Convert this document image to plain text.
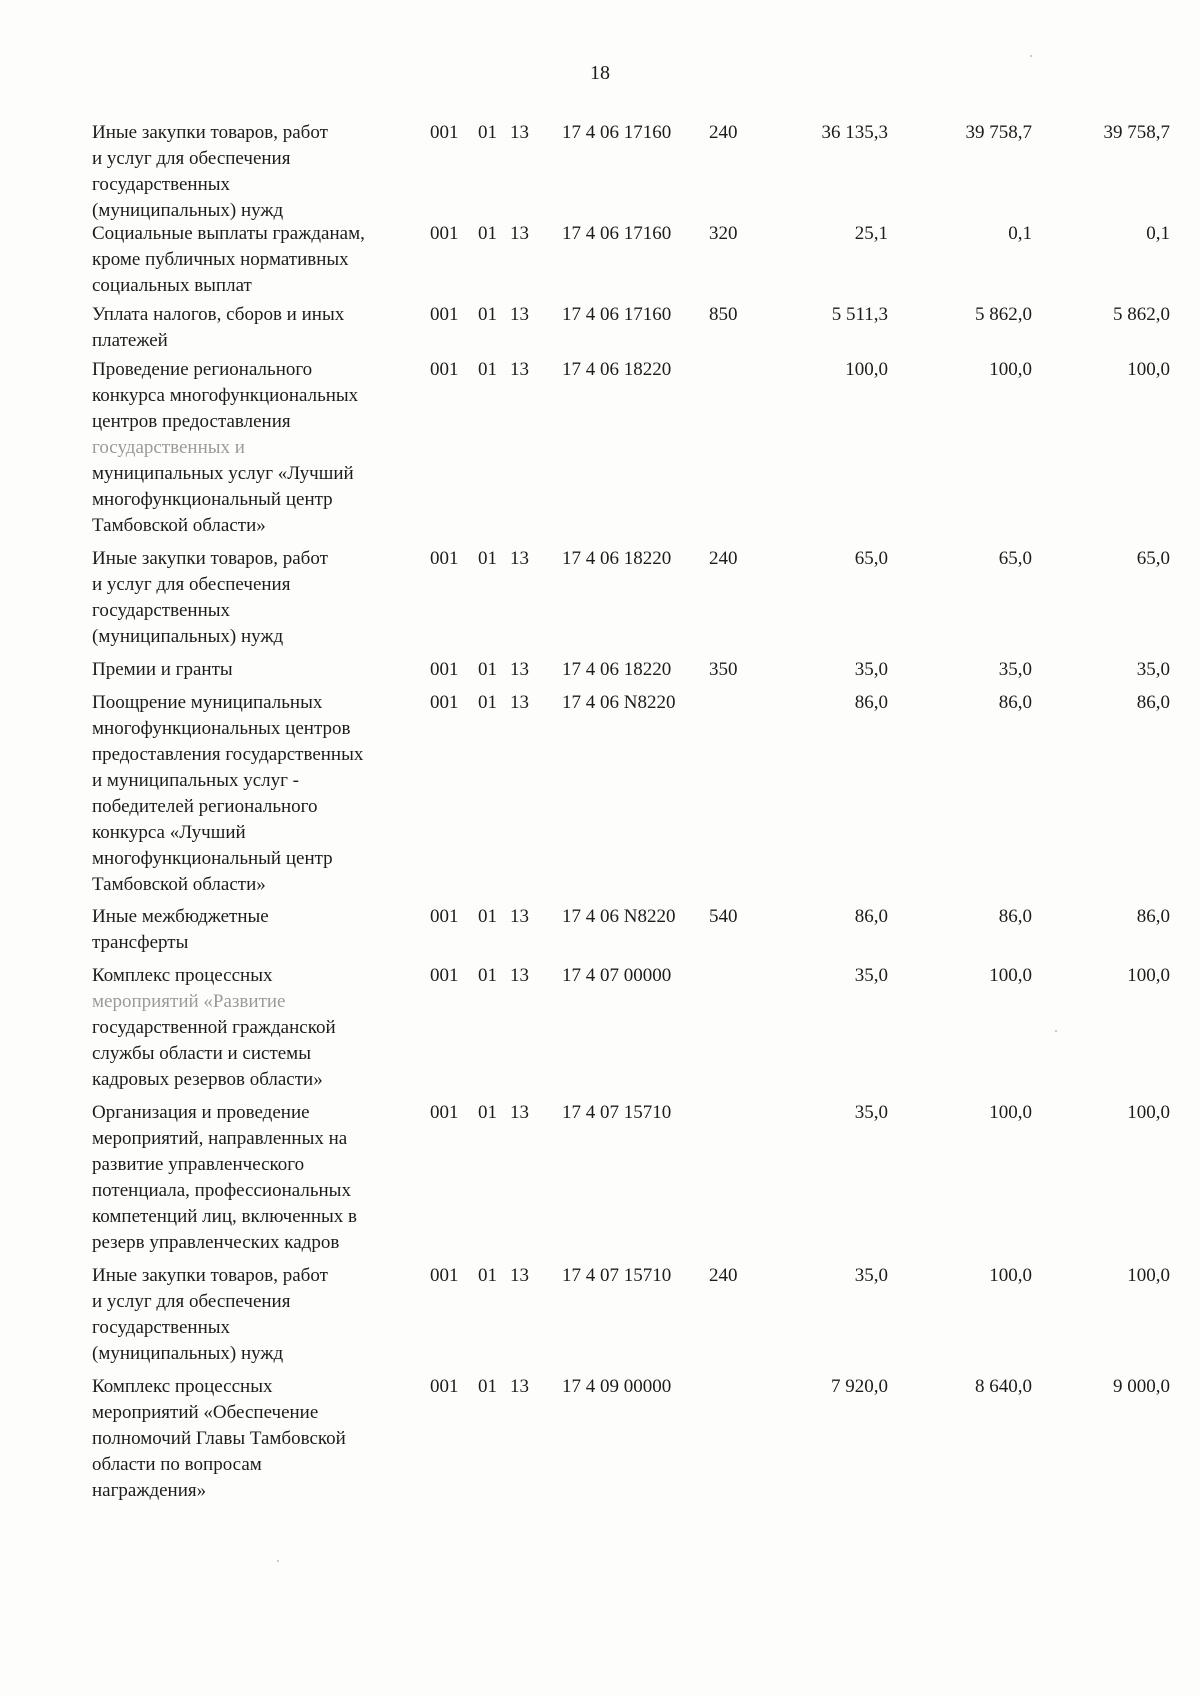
18
Иные закупки товаров, работ
и услуг для обеспечения
государственных
(муниципальных) нужд
001 01 13 17 4 06 17160 240	36 135,3	39 758,7	39 758,7
Социальные выплаты гражданам,
кроме публичных нормативных
социальных выплат
001 01 13 17 4 06 17160 320	25,1	0,1	0,1
Уплата налогов, сборов и иных
платежей
001 01 13 17 4 06 17160 850	5 511,3	5 862,0	5 862,0
Проведение регионального
конкурса многофункциональных
центров предоставления
государственных и
муниципальных услуг «Лучший
многофункциональный центр
Тамбовской области»
001 01 13 17 4 06 18220	100,0	100,0	100,0
Иные закупки товаров, работ
и услуг для обеспечения
государственных
(муниципальных) нужд
001 01 13 17 4 06 18220 240	65,0	65,0	65,0
Премии и гранты	001 01 13 17 4 06 18220 350	35,0	35,0	35,0
Поощрение муниципальных
многофункциональных центров
предоставления государственных
и муниципальных услуг -
победителей регионального
конкурса «Лучший
многофункциональный центр
Тамбовской области»
001 01 13 17 4 06 N8220	86,0	86,0	86,0
Иные межбюджетные
трансферты
001 01 13 17 4 06 N8220 540	86,0	86,0	86,0
Комплекс процессных
мероприятий «Развитие
государственной гражданской
службы области и системы
кадровых резервов области»
001 01 13 17 4 07 00000	35,0	100,0	100,0
Организация и проведение
мероприятий, направленных на
развитие управленческого
потенциала, профессиональных
компетенций лиц, включенных в
резерв управленческих кадров
001 01 13 17 4 07 15710	35,0	100,0	100,0
Иные закупки товаров, работ
и услуг для обеспечения
государственных
(муниципальных) нужд
001 01 13 17 4 07 15710 240	35,0	100,0	100,0
Комплекс процессных
мероприятий «Обеспечение
полномочий Главы Тамбовской
области по вопросам
награждения»
001 01 13 17 4 09 00000	7 920,0	8 640,0	9 000,0
